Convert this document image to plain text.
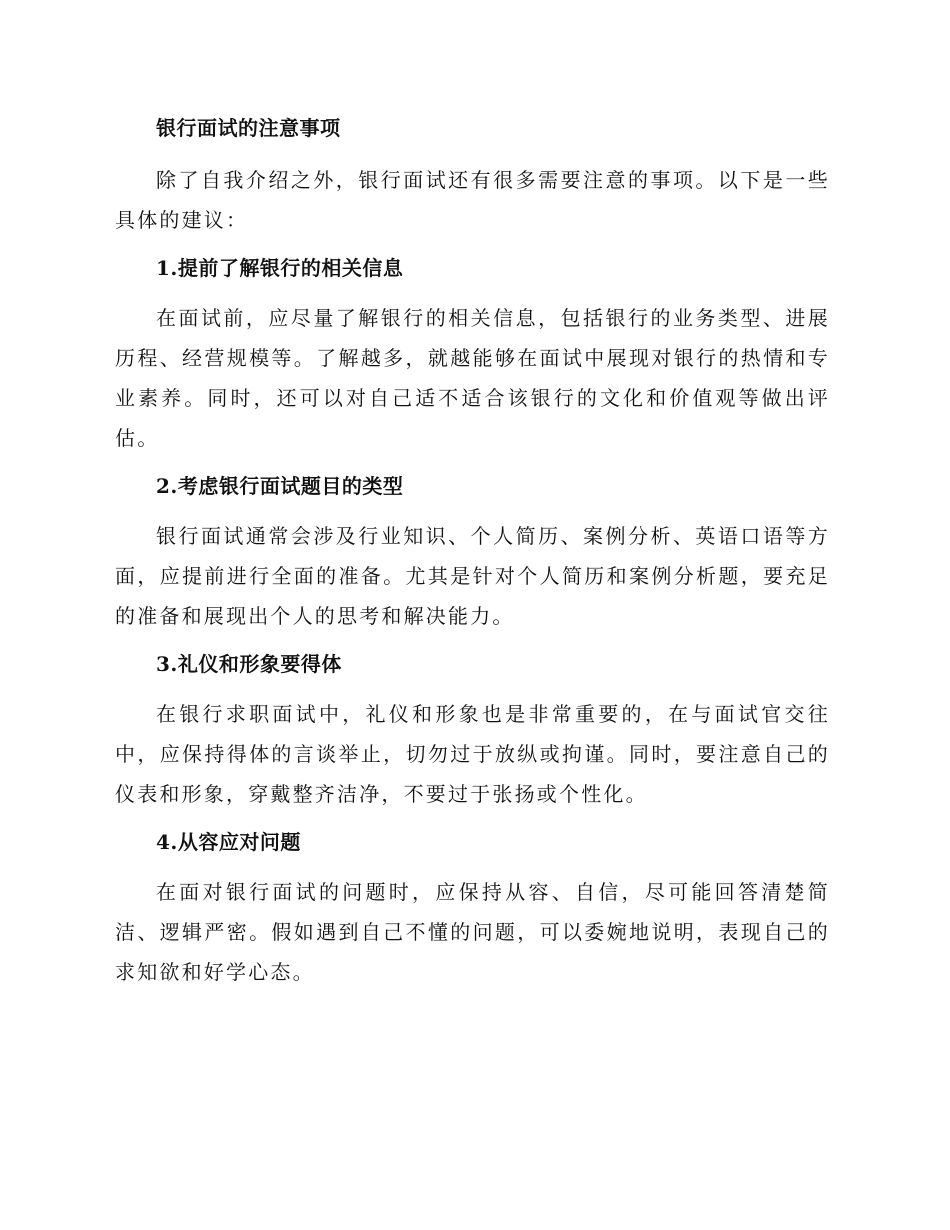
银行面试的注意事项

除了自我介绍之外，银行面试还有很多需要注意的事项。以下是一些具体的建议：

1.提前了解银行的相关信息

在面试前，应尽量了解银行的相关信息，包括银行的业务类型、进展历程、经营规模等。了解越多，就越能够在面试中展现对银行的热情和专业素养。同时，还可以对自己适不适合该银行的文化和价值观等做出评估。

2.考虑银行面试题目的类型

银行面试通常会涉及行业知识、个人简历、案例分析、英语口语等方面，应提前进行全面的准备。尤其是针对个人简历和案例分析题，要充足的准备和展现出个人的思考和解决能力。

3.礼仪和形象要得体

在银行求职面试中，礼仪和形象也是非常重要的，在与面试官交往中，应保持得体的言谈举止，切勿过于放纵或拘谨。同时，要注意自己的仪表和形象，穿戴整齐洁净，不要过于张扬或个性化。

4.从容应对问题

在面对银行面试的问题时，应保持从容、自信，尽可能回答清楚简洁、逻辑严密。假如遇到自己不懂的问题，可以委婉地说明，表现自己的求知欲和好学心态。
